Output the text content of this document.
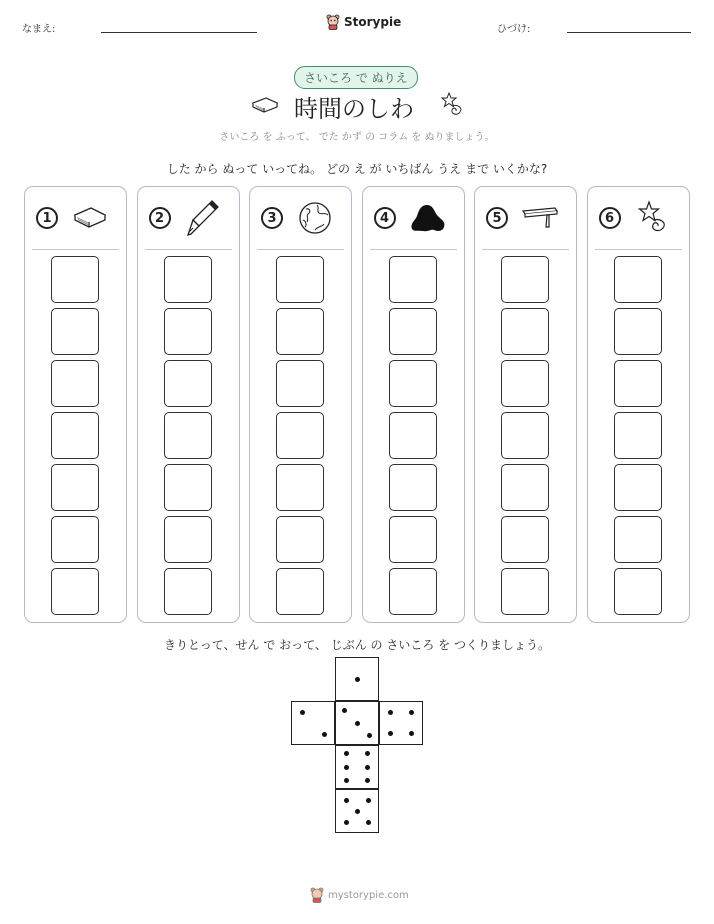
なまえ:
Storypie
ひづけ:
さいころ で ぬりえ
時間のしわ
さいころ を ふって、 でた かず の コラム を ぬりましょう。
した から ぬって いってね。 どの え が いちばん うえ まで いくかな?
1	2	3	4	5	6
きりとって、せん で おって、 じぶん の さいころ を つくりましょう。
mystorypie.com
